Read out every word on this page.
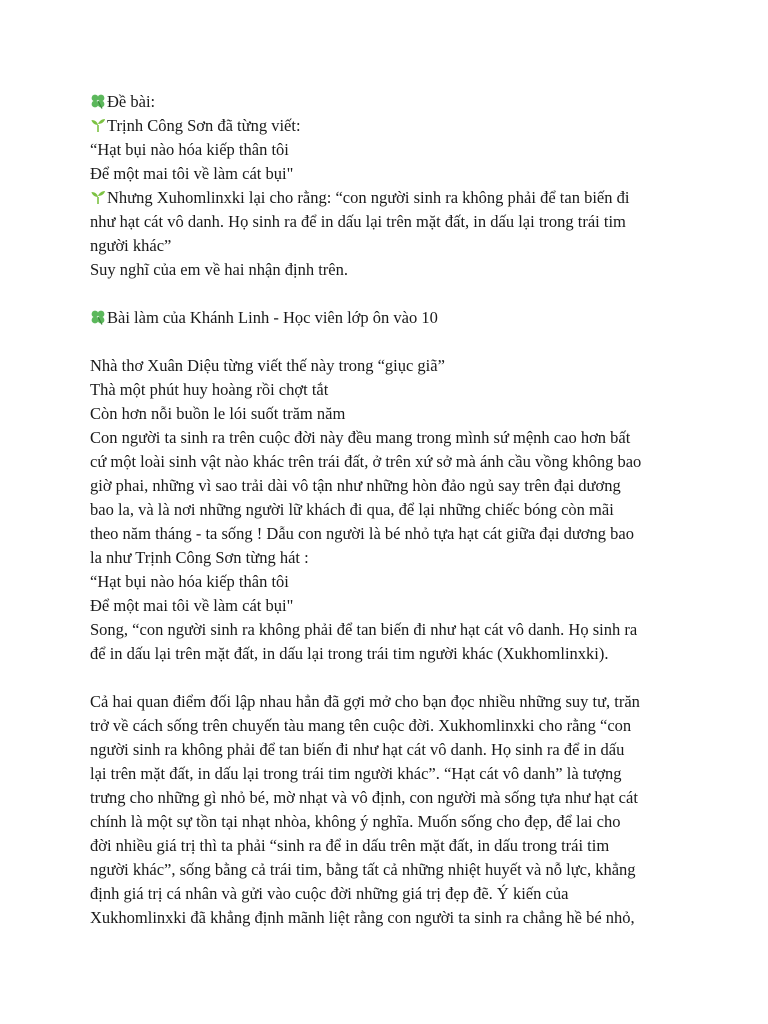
Đề bài:
Trịnh Công Sơn đã từng viết:
“Hạt bụi nào hóa kiếp thân tôi
Để một mai tôi về làm cát bụi"
Nhưng Xuhomlinxki lại cho rằng: “con người sinh ra không phải để tan biến đi
như hạt cát vô danh. Họ sinh ra để in dấu lại trên mặt đất, in dấu lại trong trái tim
người khác”
Suy nghĩ của em về hai nhận định trên.
Bài làm của Khánh Linh - Học viên lớp ôn vào 10
Nhà thơ Xuân Diệu từng viết thế này trong “giục giã”
Thà một phút huy hoàng rồi chợt tắt
Còn hơn nỗi buồn le lói suốt trăm năm
Con người ta sinh ra trên cuộc đời này đều mang trong mình sứ mệnh cao hơn bất
cứ một loài sinh vật nào khác trên trái đất, ở trên xứ sở mà ánh cầu vồng không bao
giờ phai, những vì sao trải dài vô tận như những hòn đảo ngủ say trên đại dương
bao la, và là nơi những người lữ khách đi qua, để lại những chiếc bóng còn mãi
theo năm tháng - ta sống ! Dẫu con người là bé nhỏ tựa hạt cát giữa đại dương bao
la như Trịnh Công Sơn từng hát :
“Hạt bụi nào hóa kiếp thân tôi
Để một mai tôi về làm cát bụi"
Song, “con người sinh ra không phải để tan biến đi như hạt cát vô danh. Họ sinh ra
để in dấu lại trên mặt đất, in dấu lại trong trái tim người khác (Xukhomlinxki).
Cả hai quan điểm đối lập nhau hẳn đã gợi mở cho bạn đọc nhiều những suy tư, trăn
trở về cách sống trên chuyến tàu mang tên cuộc đời. Xukhomlinxki cho rằng “con
người sinh ra không phải để tan biến đi như hạt cát vô danh. Họ sinh ra để in dấu
lại trên mặt đất, in dấu lại trong trái tim người khác”. “Hạt cát vô danh” là tượng
trưng cho những gì nhỏ bé, mờ nhạt và vô định, con người mà sống tựa như hạt cát
chính là một sự tồn tại nhạt nhòa, không ý nghĩa. Muốn sống cho đẹp, để lai cho
đời nhiều giá trị thì ta phải “sinh ra để in dấu trên mặt đất, in dấu trong trái tim
người khác”, sống bằng cả trái tim, bằng tất cả những nhiệt huyết và nỗ lực, khẳng
định giá trị cá nhân và gửi vào cuộc đời những giá trị đẹp đẽ. Ý kiến của
Xukhomlinxki đã khẳng định mãnh liệt rằng con người ta sinh ra chẳng hề bé nhỏ,
